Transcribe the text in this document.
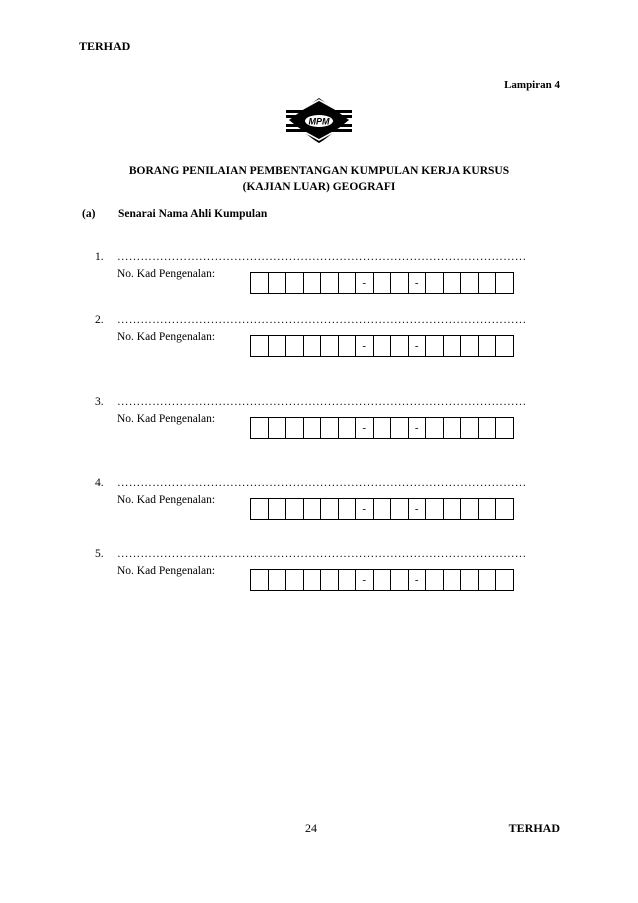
TERHAD
Lampiran 4
MPM
BORANG PENILAIAN PEMBENTANGAN KUMPULAN KERJA KURSUS
(KAJIAN LUAR) GEOGRAFI
(a) Senarai Nama Ahli Kumpulan
1. ……………………………………………………………………………………………
No. Kad Pengenalan:
-	-
2. ……………………………………………………………………………………………
No. Kad Pengenalan:
-	-
3. ……………………………………………………………………………………………
No. Kad Pengenalan:
-	-
4. ……………………………………………………………………………………………
No. Kad Pengenalan:
-	-
5. ……………………………………………………………………………………………
No. Kad Pengenalan:
-	-
24	TERHAD
